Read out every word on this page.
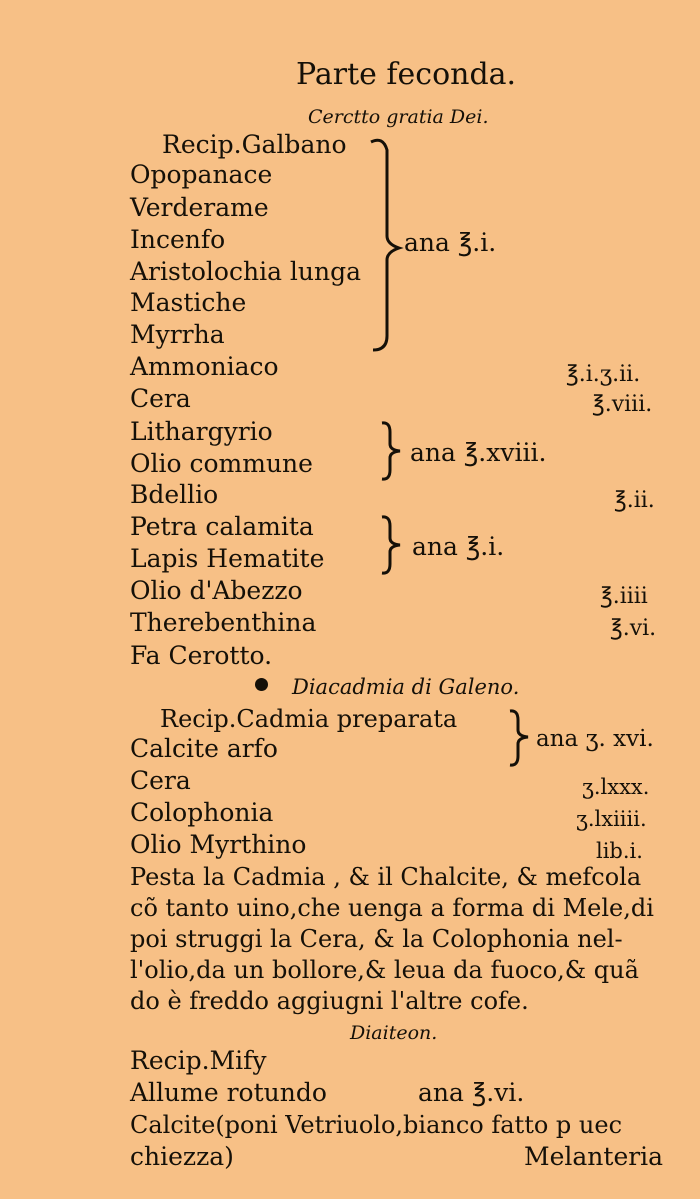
Parte feconda.
Cerctto gratia Dei.
Recip.Galbano
Opopanace
Verderame
Incenfo
Aristolochia lunga
Mastiche
Myrrha
ana ℥.i.
Ammoniaco	℥.i.ʒ.ii.
Cera	℥.viii.
Lithargyrio
Olio commune	ana ℥.xviii.
Bdellio	℥.ii.
Petra calamita
Lapis Hematite	ana ℥.i.
Olio d'Abezzo	℥.iiii
Therebenthina	℥.vi.
Fa Cerotto.
Diacadmia di Galeno.
Recip.Cadmia preparata
Calcite arfo	ana ʒ. xvi.
Cera	ʒ.lxxx.
Colophonia	ʒ.lxiiii.
Olio Myrthino	lib.i.
Pesta la Cadmia , & il Chalcite, & mefcola
cõ tanto uino,che uenga a forma di Mele,di
poi struggi la Cera, & la Colophonia nel-
l'olio,da un bollore,& leua da fuoco,& quã
do è freddo aggiugni l'altre cofe.
Diaiteon.
Recip.Mify
Allume rotundo	ana ℥.vi.
Calcite(poni Vetriuolo,bianco fatto p uec
chiezza)	Melanteria
